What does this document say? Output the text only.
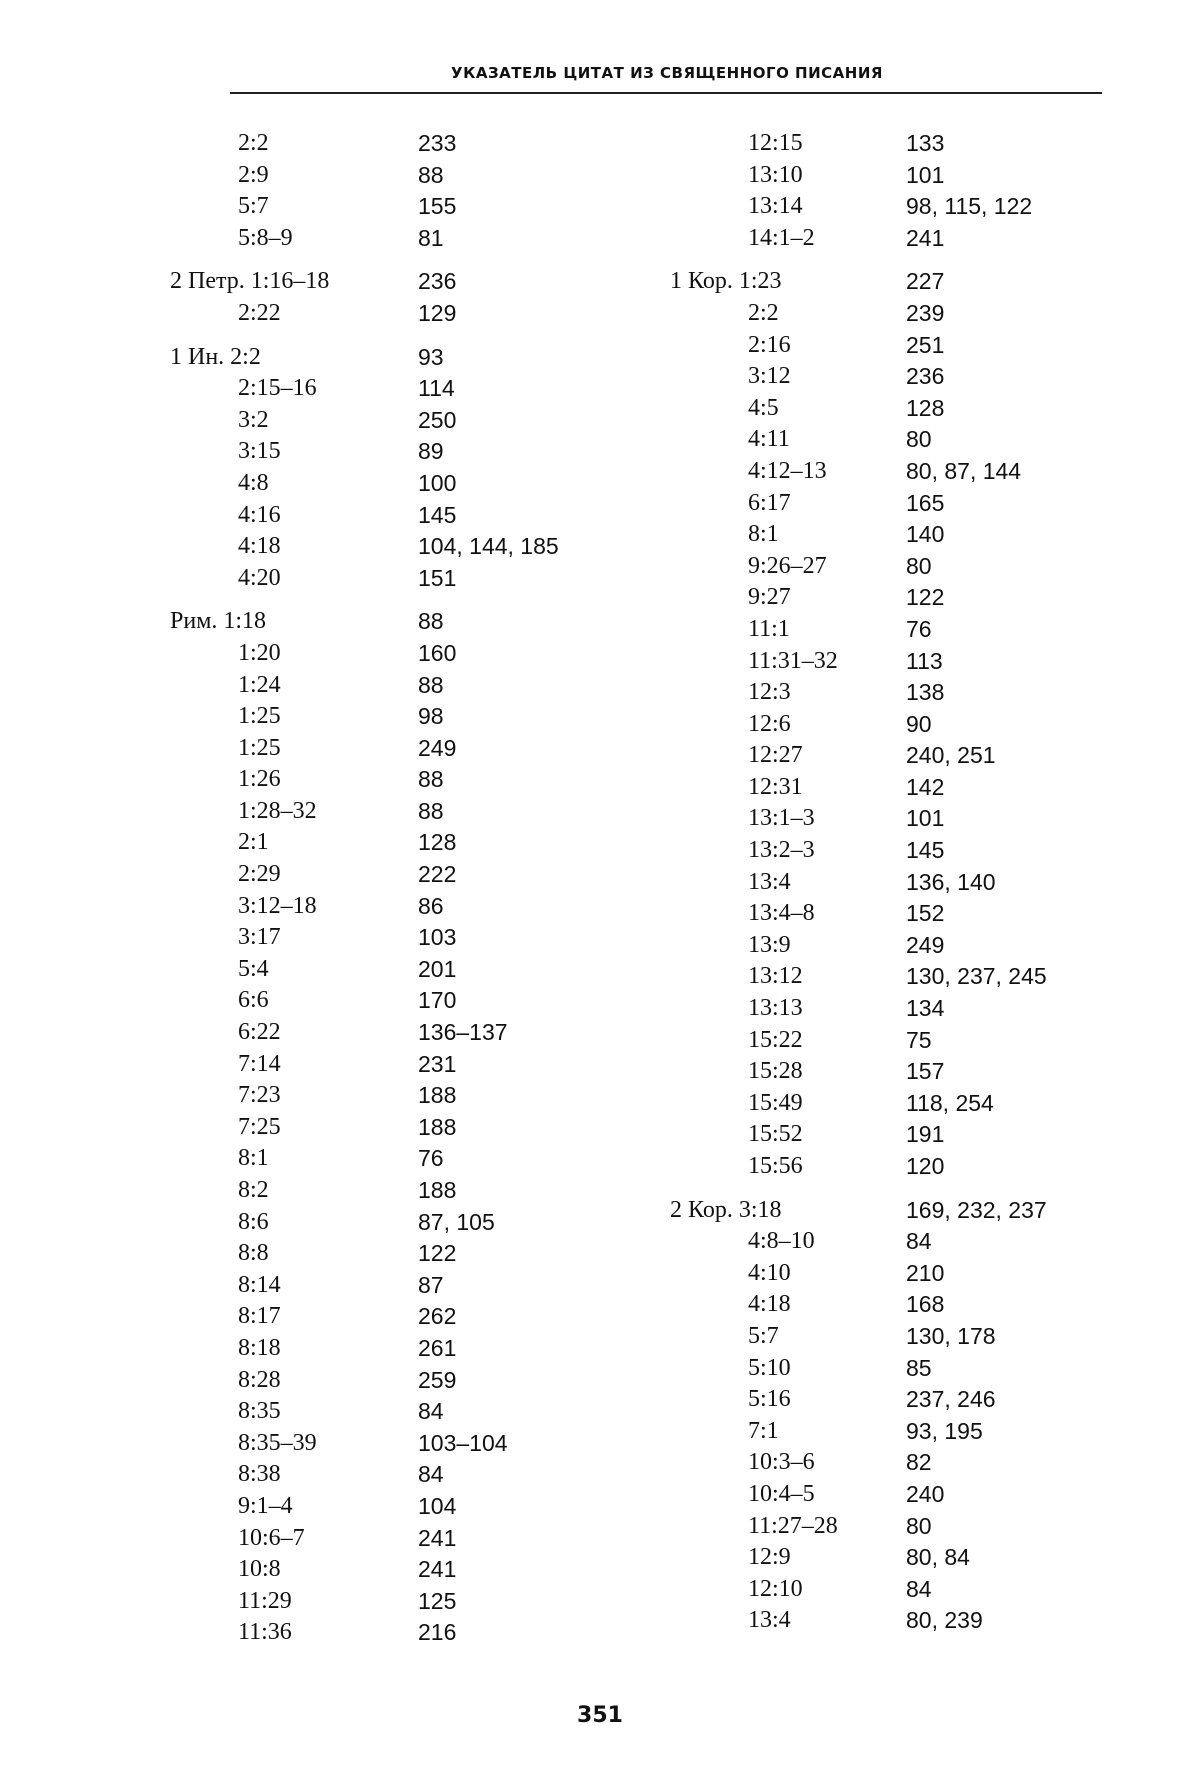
УКАЗАТЕЛЬ ЦИТАТ ИЗ СВЯЩЕННОГО ПИСАНИЯ
2:2	233
2:9	88
5:7	155
5:8–9	81
2 Петр. 1:16–18	236
2:22	129
1 Ин. 2:2	93
2:15–16	114
3:2	250
3:15	89
4:8	100
4:16	145
4:18	104, 144, 185
4:20	151
Рим. 1:18	88
1:20	160
1:24	88
1:25	98
1:25	249
1:26	88
1:28–32	88
2:1	128
2:29	222
3:12–18	86
3:17	103
5:4	201
6:6	170
6:22	136–137
7:14	231
7:23	188
7:25	188
8:1	76
8:2	188
8:6	87, 105
8:8	122
8:14	87
8:17	262
8:18	261
8:28	259
8:35	84
8:35–39	103–104
8:38	84
9:1–4	104
10:6–7	241
10:8	241
11:29	125
11:36	216
12:15	133
13:10	101
13:14	98, 115, 122
14:1–2	241
1 Кор. 1:23	227
2:2	239
2:16	251
3:12	236
4:5	128
4:11	80
4:12–13	80, 87, 144
6:17	165
8:1	140
9:26–27	80
9:27	122
11:1	76
11:31–32	113
12:3	138
12:6	90
12:27	240, 251
12:31	142
13:1–3	101
13:2–3	145
13:4	136, 140
13:4–8	152
13:9	249
13:12	130, 237, 245
13:13	134
15:22	75
15:28	157
15:49	118, 254
15:52	191
15:56	120
2 Кор. 3:18	169, 232, 237
4:8–10	84
4:10	210
4:18	168
5:7	130, 178
5:10	85
5:16	237, 246
7:1	93, 195
10:3–6	82
10:4–5	240
11:27–28	80
12:9	80, 84
12:10	84
13:4	80, 239
351
